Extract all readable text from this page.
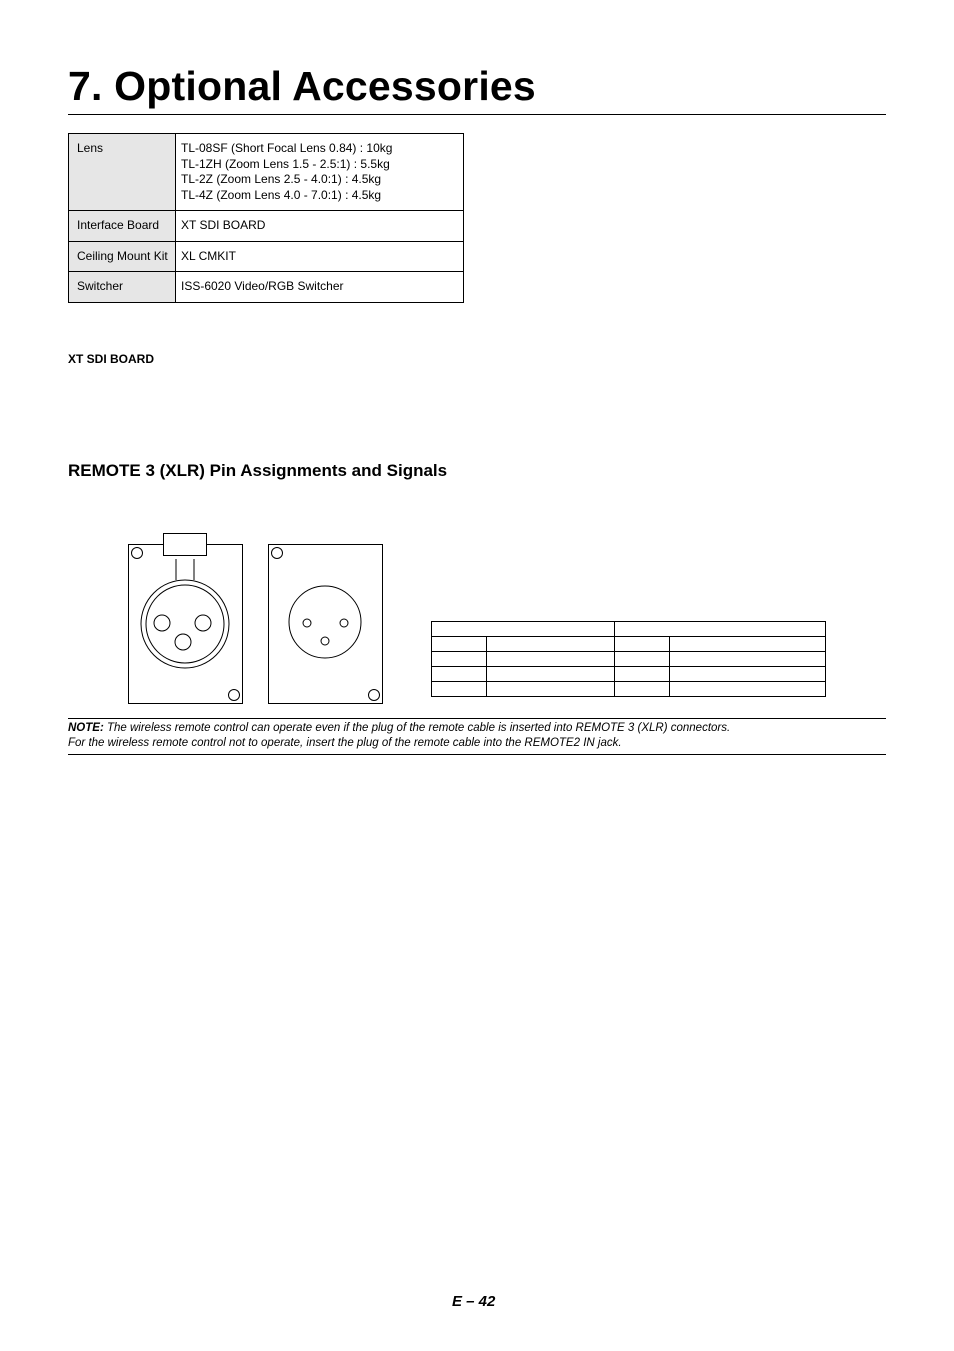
7. Optional Accessories
Lens	TL-08SF (Short Focal Lens 0.84) : 10kg
TL-1ZH (Zoom Lens 1.5 - 2.5:1) : 5.5kg
TL-2Z (Zoom Lens 2.5 - 4.0:1) : 4.5kg
TL-4Z (Zoom Lens 4.0 - 7.0:1) : 4.5kg

Interface Board	XT SDI BOARD
Ceiling Mount Kit	XL CMKIT
Switcher	ISS-6020 Video/RGB Switcher
XT SDI BOARD
REMOTE 3 (XLR) Pin Assignments and Signals

NOTE: The wireless remote control can operate even if the plug of the remote cable is inserted into REMOTE 3 (XLR) connectors.
For the wireless remote control not to operate, insert the plug of the remote cable into the REMOTE2 IN jack.
E – 42
